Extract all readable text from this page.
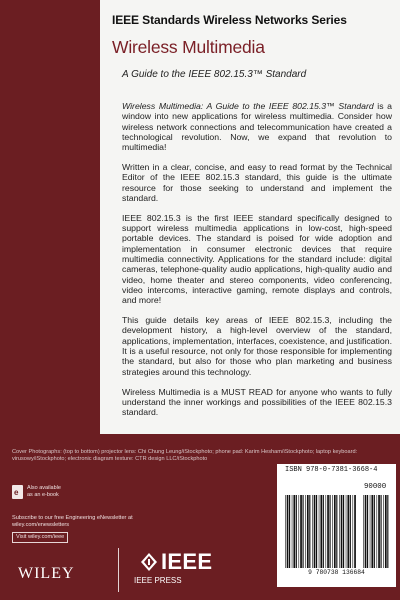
IEEE Standards Wireless Networks Series
Wireless Multimedia
A Guide to the IEEE 802.15.3™ Standard

Wireless Multimedia: A Guide to the IEEE 802.15.3™ Standard is a window into new applications for wireless multimedia. Consider how wireless network connections and telecommunication have created a technological revolution. Now, we expand that revolution to multimedia!

Written in a clear, concise, and easy to read format by the Technical Editor of the IEEE 802.15.3 standard, this guide is the ultimate resource for those seeking to understand and implement the standard.

IEEE 802.15.3 is the first IEEE standard specifically designed to support wireless multimedia applications in low-cost, high-speed portable devices. The standard is poised for wide adoption and implementation in consumer electronic devices that require multimedia connectivity. Applications for the standard include: digital cameras, telephone-quality audio applications, high-quality audio and video, home theater and stereo components, video conferencing, video intercoms, interactive gaming, remote displays and controls, and more!

This guide details key areas of IEEE 802.15.3, including the development history, a high-level overview of the standard, applications, implementation, interfaces, coexistence, and justification. It is a useful resource, not only for those responsible for implementing the standard, but also for those who plan marketing and business strategies around this technology.

Wireless Multimedia is a MUST READ for anyone who wants to fully understand the inner workings and possibilities of the IEEE 802.15.3 standard.

Cover Photographs: (top to bottom) projector lens: Chi Chung Leung/iStockphoto; phone pad: Karim Hesham/iStockphoto; laptop keyboard: virusowy/iStockphoto; electronic diagram texture: CTR design LLC/iStockphoto
e Also available
as an e-book
Subscribe to our free Engineering eNewsletter at
wiley.com/enewsletters
Visit wiley.com/ieee
WILEY	IEEE
IEEE PRESS
ISBN 978-0-7381-3668-4
90000
9 780738 136684
